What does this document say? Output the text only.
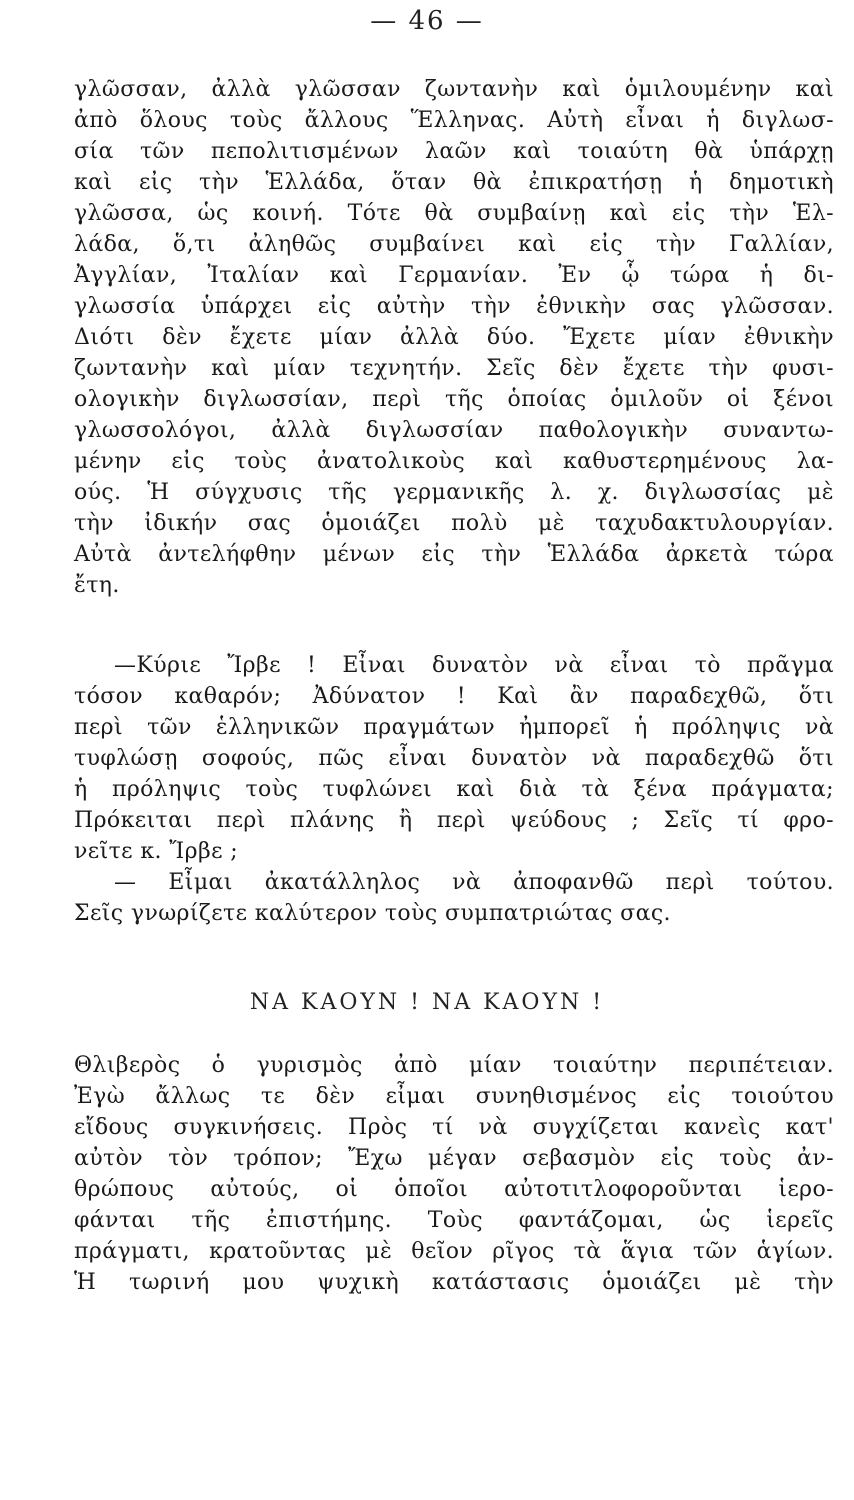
— 46 —
γλῶσσαν, ἀλλὰ γλῶσσαν ζωντανὴν καὶ ὁμιλουμένην καὶ
ἀπὸ ὅλους τοὺς ἄλλους Ἕλληνας. Αὐτὴ εἶναι ἡ διγλωσ-
σία τῶν πεπολιτισμένων λαῶν καὶ τοιαύτη θὰ ὑπάρχῃ
καὶ εἰς τὴν Ἑλλάδα, ὅταν θὰ ἐπικρατήσῃ ἡ δημοτικὴ
γλῶσσα, ὡς κοινή. Τότε θὰ συμβαίνῃ καὶ εἰς τὴν Ἑλ-
λάδα, ὅ,τι ἀληθῶς συμβαίνει καὶ εἰς τὴν Γαλλίαν,
Ἀγγλίαν, Ἰταλίαν καὶ Γερμανίαν. Ἐν ᾧ τώρα ἡ δι-
γλωσσία ὑπάρχει εἰς αὐτὴν τὴν ἐθνικὴν σας γλῶσσαν.
Διότι δὲν ἔχετε μίαν ἀλλὰ δύο. Ἔχετε μίαν ἐθνικὴν
ζωντανὴν καὶ μίαν τεχνητήν. Σεῖς δὲν ἔχετε τὴν φυσι-
ολογικὴν διγλωσσίαν, περὶ τῆς ὁποίας ὁμιλοῦν οἱ ξένοι
γλωσσολόγοι, ἀλλὰ διγλωσσίαν παθολογικὴν συναντω-
μένην εἰς τοὺς ἀνατολικοὺς καὶ καθυστερημένους λα-
ούς. Ἡ σύγχυσις τῆς γερμανικῆς λ. χ. διγλωσσίας μὲ
τὴν ἰδικήν σας ὁμοιάζει πολὺ μὲ ταχυδακτυλουργίαν.
Αὐτὰ ἀντελήφθην μένων εἰς τὴν Ἑλλάδα ἀρκετὰ τώρα
ἔτη.
—Κύριε Ἴρβε ! Εἶναι δυνατὸν νὰ εἶναι τὸ πρᾶγμα
τόσον καθαρόν; Ἀδύνατον ! Καὶ ἂν παραδεχθῶ, ὅτι
περὶ τῶν ἑλληνικῶν πραγμάτων ἠμπορεῖ ἡ πρόληψις νὰ
τυφλώσῃ σοφούς, πῶς εἶναι δυνατὸν νὰ παραδεχθῶ ὅτι
ἡ πρόληψις τοὺς τυφλώνει καὶ διὰ τὰ ξένα πράγματα;
Πρόκειται περὶ πλάνης ἢ περὶ ψεύδους ; Σεῖς τί φρο-
νεῖτε κ. Ἴρβε ;
— Εἶμαι ἀκατάλληλος νὰ ἀποφανθῶ περὶ τούτου.
Σεῖς γνωρίζετε καλύτερον τοὺς συμπατριώτας σας.
ΝΑ ΚΑΟΥΝ ! ΝΑ ΚΑΟΥΝ !
Θλιβερὸς ὁ γυρισμὸς ἀπὸ μίαν τοιαύτην περιπέτειαν.
Ἐγὼ ἄλλως τε δὲν εἶμαι συνηθισμένος εἰς τοιούτου
εἴδους συγκινήσεις. Πρὸς τί νὰ συγχίζεται κανεὶς κατ'
αὐτὸν τὸν τρόπον; Ἔχω μέγαν σεβασμὸν εἰς τοὺς ἀν-
θρώπους αὐτούς, οἱ ὁποῖοι αὐτοτιτλοφοροῦνται ἱερο-
φάνται τῆς ἐπιστήμης. Τοὺς φαντάζομαι, ὡς ἱερεῖς
πράγματι, κρατοῦντας μὲ θεῖον ρῖγος τὰ ἅγια τῶν ἁγίων.
Ἡ τωρινή μου ψυχικὴ κατάστασις ὁμοιάζει μὲ τὴν
